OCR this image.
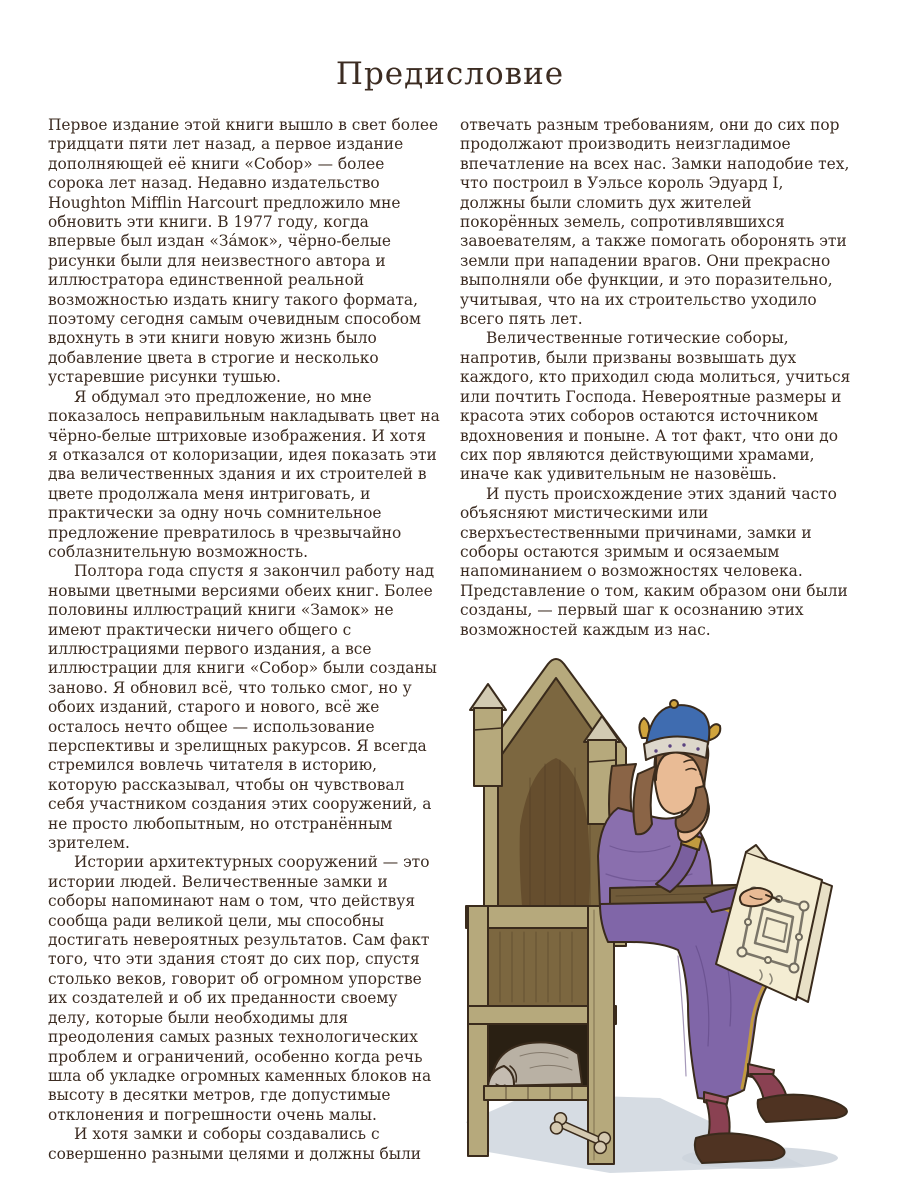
Предисловие

Первое издание этой книги вышло в свет более тридцати пяти лет назад, а первое издание дополняющей её книги «Собор» — более сорока лет назад. Недавно издательство Houghton Mifflin Harcourt предложило мне обновить эти книги. В 1977 году, когда впервые был издан «За́мок», чёрно-белые рисунки были для неизвестного автора и иллюстратора единственной реальной возможностью издать книгу такого формата, поэтому сегодня самым очевидным способом вдохнуть в эти книги новую жизнь было добавление цвета в строгие и несколько устаревшие рисунки тушью.

Я обдумал это предложение, но мне показалось неправильным накладывать цвет на чёрно-белые штриховые изображения. И хотя я отказался от колоризации, идея показать эти два величественных здания и их строителей в цвете продолжала меня интриговать, и практически за одну ночь сомнительное предложение превратилось в чрезвычайно соблазнительную возможность.

Полтора года спустя я закончил работу над новыми цветными версиями обеих книг. Более половины иллюстраций книги «Замок» не имеют практически ничего общего с иллюстрациями первого издания, а все иллюстрации для книги «Собор» были созданы заново. Я обновил всё, что только смог, но у обоих изданий, старого и нового, всё же осталось нечто общее — использование перспективы и зрелищных ракурсов. Я всегда стремился вовлечь читателя в историю, которую рассказывал, чтобы он чувствовал себя участником создания этих сооружений, а не просто любопытным, но отстранённым зрителем.

Истории архитектурных сооружений — это истории людей. Величественные замки и соборы напоминают нам о том, что действуя сообща ради великой цели, мы способны достигать невероятных результатов. Сам факт того, что эти здания стоят до сих пор, спустя столько веков, говорит об огромном упорстве их создателей и об их преданности своему делу, которые были необходимы для преодоления самых разных технологических проблем и ограничений, особенно когда речь шла об укладке огромных каменных блоков на высоту в десятки метров, где допустимые отклонения и погрешности очень малы.

И хотя замки и соборы создавались с совершенно разными целями и должны были

отвечать разным требованиям, они до сих пор продолжают производить неизгладимое впечатление на всех нас. Замки наподобие тех, что построил в Уэльсе король Эдуард I, должны были сломить дух жителей покорённых земель, сопротивлявшихся завоевателям, а также помогать оборонять эти земли при нападении врагов. Они прекрасно выполняли обе функции, и это поразительно, учитывая, что на их строительство уходило всего пять лет.

Величественные готические соборы, напротив, были призваны возвышать дух каждого, кто приходил сюда молиться, учиться или почтить Господа. Невероятные размеры и красота этих соборов остаются источником вдохновения и поныне. А тот факт, что они до сих пор являются действующими храмами, иначе как удивительным не назовёшь.

И пусть происхождение этих зданий часто объясняют мистическими или сверхъестественными причинами, замки и соборы остаются зримым и осязаемым напоминанием о возможностях человека. Представление о том, каким образом они были созданы, — первый шаг к осознанию этих возможностей каждым из нас.
